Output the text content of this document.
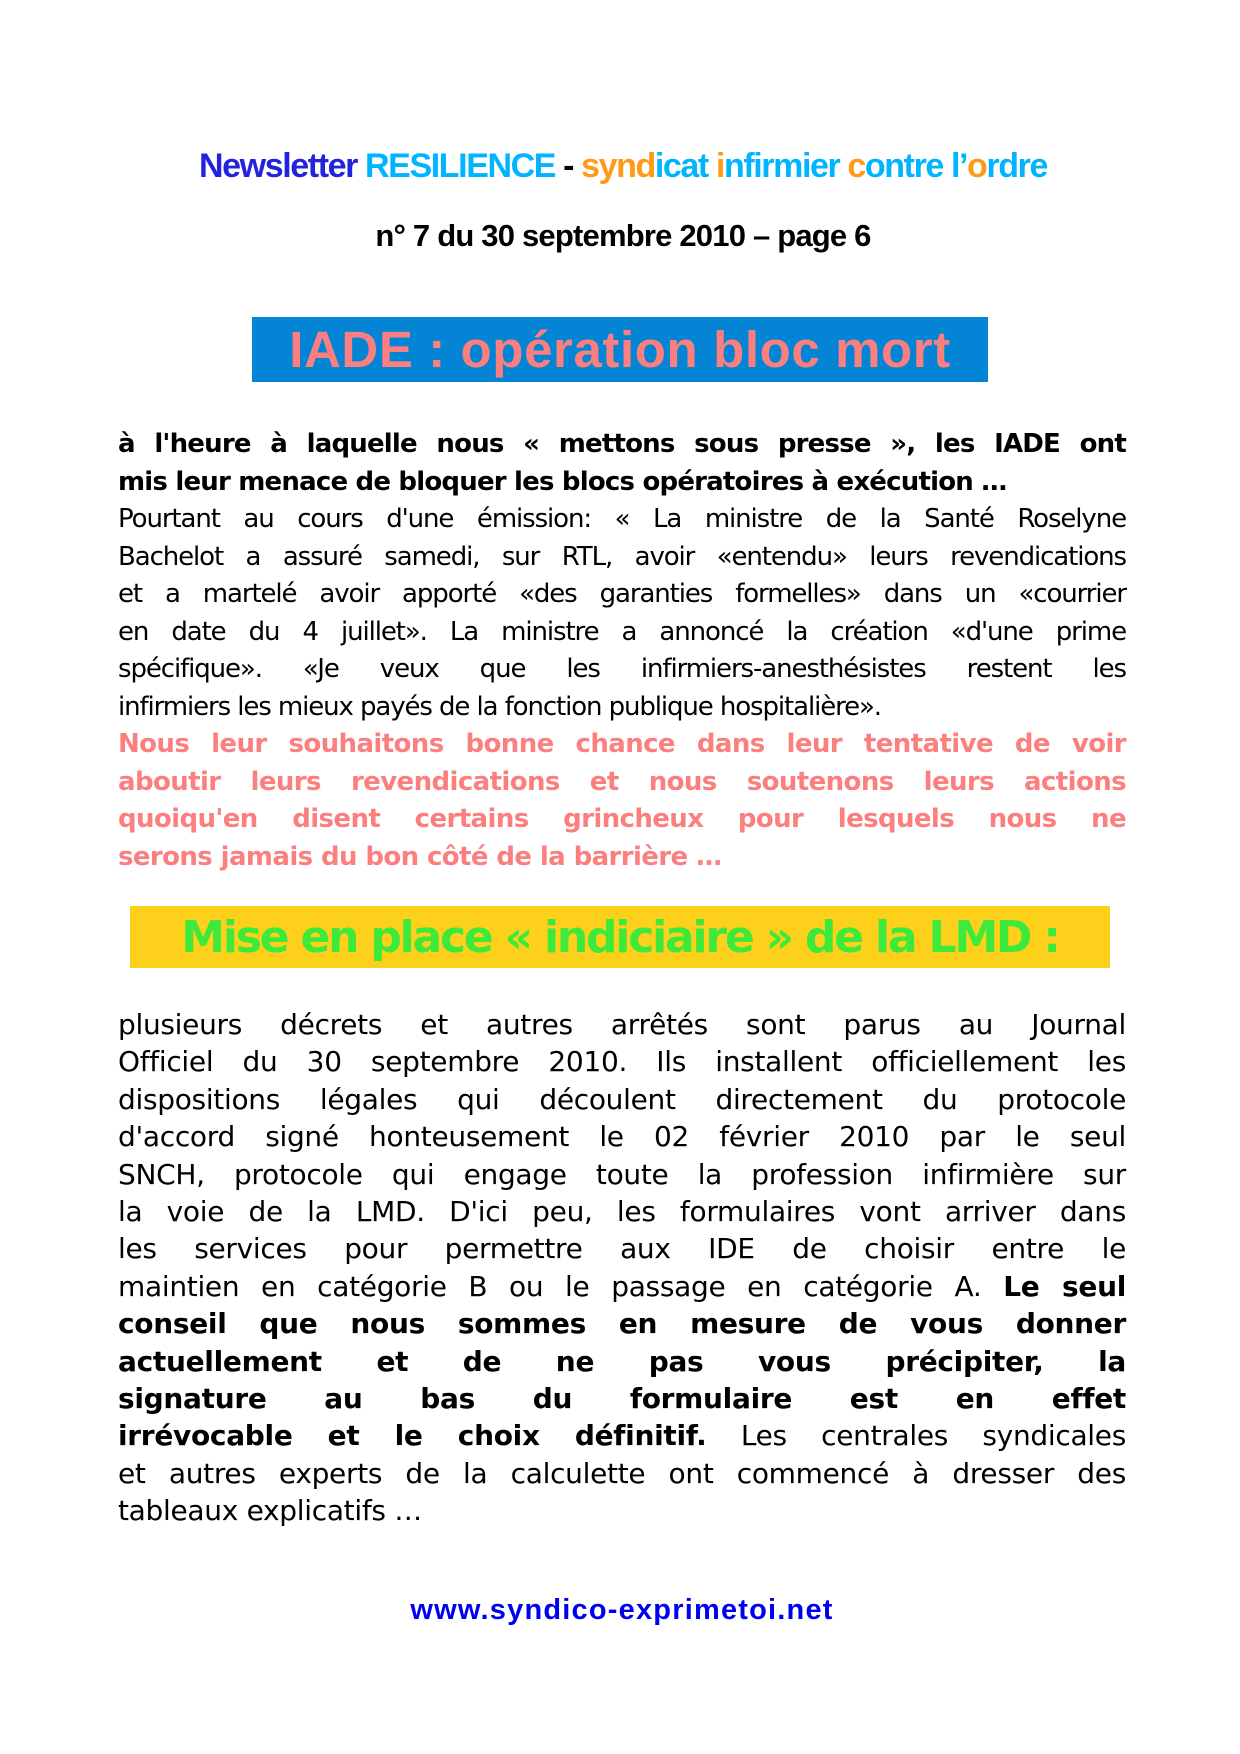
Newsletter RESILIENCE - syndicat infirmier contre l’ordre
n° 7 du 30 septembre 2010 – page 6
IADE : opération bloc mort
à l'heure à laquelle nous « mettons sous presse », les IADE ont
mis leur menace de bloquer les blocs opératoires à exécution …
Pourtant au cours d'une émission: « La ministre de la Santé Roselyne
Bachelot a assuré samedi, sur RTL, avoir «entendu» leurs revendications
et a martelé avoir apporté «des garanties formelles» dans un «courrier
en date du 4 juillet». La ministre a annoncé la création «d'une prime
spécifique». «Je veux que les infirmiers-anesthésistes restent les
infirmiers les mieux payés de la fonction publique hospitalière».
Nous leur souhaitons bonne chance dans leur tentative de voir
aboutir leurs revendications et nous soutenons leurs actions
quoiqu'en disent certains grincheux pour lesquels nous ne
serons jamais du bon côté de la barrière …
Mise en place « indiciaire » de la LMD :
plusieurs décrets et autres arrêtés sont parus au Journal
Officiel du 30 septembre 2010. Ils installent officiellement les
dispositions légales qui découlent directement du protocole
d'accord signé honteusement le 02 février 2010 par le seul
SNCH, protocole qui engage toute la profession infirmière sur
la voie de la LMD. D'ici peu, les formulaires vont arriver dans
les services pour permettre aux IDE de choisir entre le
maintien en catégorie B ou le passage en catégorie A. Le seul
conseil que nous sommes en mesure de vous donner
actuellement et de ne pas vous précipiter, la
signature au bas du formulaire est en effet
irrévocable et le choix définitif. Les centrales syndicales
et autres experts de la calculette ont commencé à dresser des
tableaux explicatifs …
www.syndico-exprimetoi.net
